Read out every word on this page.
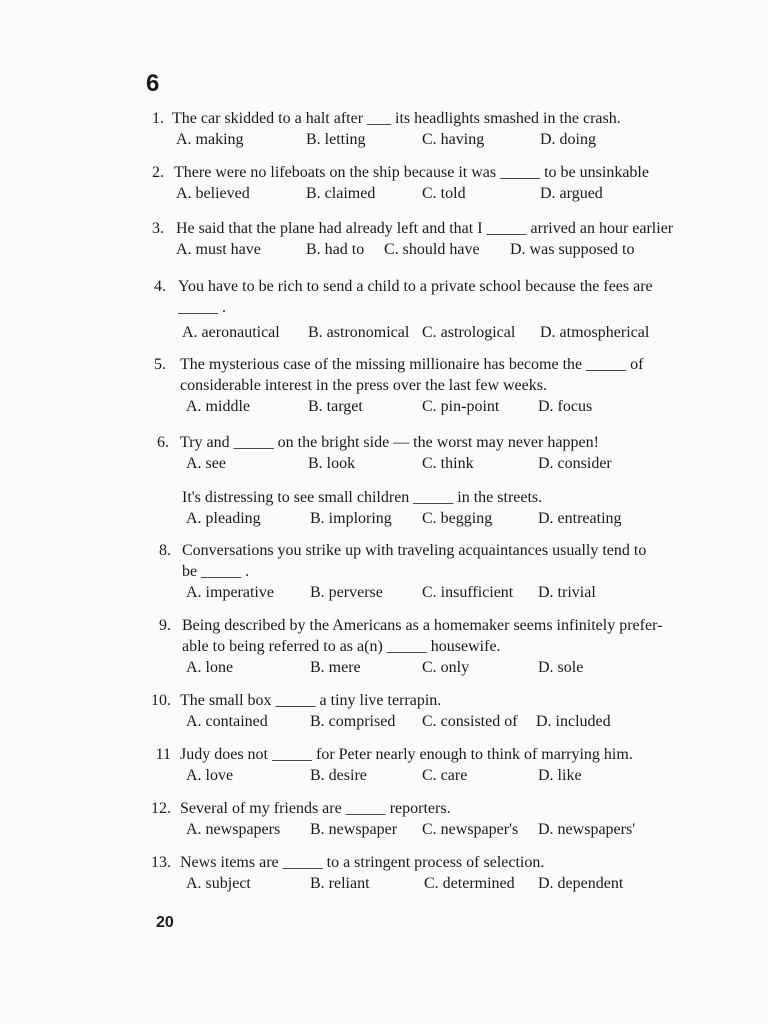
6
1. The car skidded to a halt after ___ its headlights smashed in the crash.
A. making	B. letting	C. having	D. doing
2. There were no lifeboats on the ship because it was _____ to be unsinkable
A. believed	B. claimed	C. told	D. argued
3. He said that the plane had already left and that I _____ arrived an hour earlier
A. must have	B. had to C. should have D. was supposed to
4. You have to be rich to send a child to a private school because the fees are
_____ .
A. aeronautical B. astronomical C. astrological D. atmospherical
5. The mysterious case of the missing millionaire has become the _____ of
considerable interest in the press over the last few weeks.
A. middle	B. target	C. pin-point D. focus
6. Try and _____ on the bright side — the worst may never happen!
A. see	B. look	C. think	D. consider
It's distressing to see small children _____ in the streets.
A. pleading	B. imploring C. begging	D. entreating
8. Conversations you strike up with traveling acquaintances usually tend to
be _____ .
A. imperative B. perverse C. insufficient D. trivial
9. Being described by the Americans as a homemaker seems infinitely prefer-
able to being referred to as a(n) _____ housewife.
A. lone	B. mere	C. only	D. sole
10. The small box _____ a tiny live terrapin.
A. contained	B. comprised C. consisted of D. included
11 Judy does not _____ for Peter nearly enough to think of marrying him.
A. love	B. desire	C. care	D. like
12. Several of my friends are _____ reporters.
A. newspapers B. newspaper C. newspaper's D. newspapers'
13. News items are _____ to a stringent process of selection.
A. subject	B. reliant	C. determined D. dependent
20
